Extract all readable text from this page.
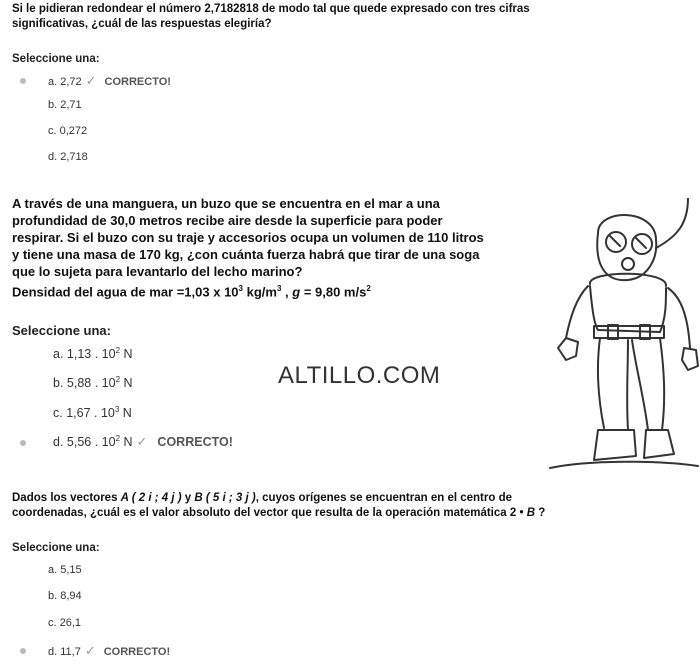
Si le pidieran redondear el número 2,7182818 de modo tal que quede expresado con tres cifras
significativas, ¿cuál de las respuestas elegiría?
Seleccione una:
a. 2,72 ✓ CORRECTO!
b. 2,71
c. 0,272
d. 2,718
A través de una manguera, un buzo que se encuentra en el mar a una
profundidad de 30,0 metros recibe aire desde la superficie para poder
respirar. Si el buzo con su traje y accesorios ocupa un volumen de 110 litros
y tiene una masa de 170 kg, ¿con cuánta fuerza habrá que tirar de una soga
que lo sujeta para levantarlo del lecho marino?
Densidad del agua de mar =1,03 x $10^3$ $kg/m^3$ , g = 9,80 $m/s^2$
Seleccione una:
a. 1,13 . $10^2$ N
b. 5,88 . $10^2$ N
c. 1,67 . $10^3$ N
d. 5,56 . $10^2$ N ✓ CORRECTO!
ALTILLO.COM
Dados los vectores A ( 2 i ; 4 j ) y B ( 5 i ; 3 j ), cuyos orígenes se encuentran en el centro de
coordenadas, ¿cuál es el valor absoluto del vector que resulta de la operación matemática 2 • B ?
Seleccione una:
a. 5,15
b. 8,94
c. 26,1
d. 11,7 ✓ CORRECTO!
